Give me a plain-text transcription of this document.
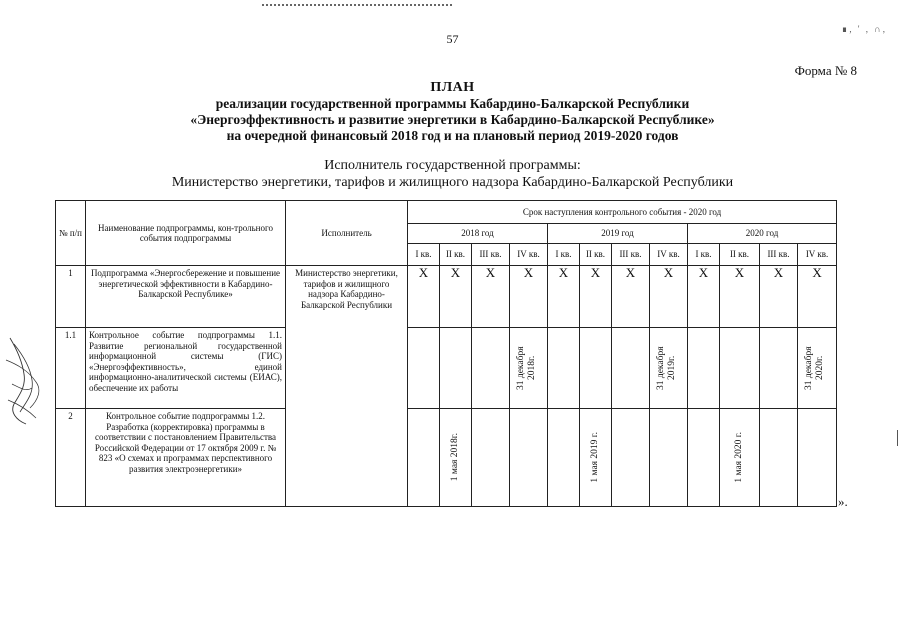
∎, ' , ∩,
57
Форма № 8
ПЛАН
реализации государственной программы Кабардино-Балкарской Республики
«Энергоэффективность и развитие энергетики в Кабардино-Балкарской Республике»
на очередной финансовый 2018 год и на плановый период 2019-2020 годов
Исполнитель государственной программы:
Министерство энергетики, тарифов и жилищного надзора Кабардино-Балкарской Республики
№ п/п	Наименование подпрограммы, кон-трольного события подпрограммы	Исполнитель	Срок наступления контрольного события - 2020 год											
			2018 год				2019 год				2020 год			
			I кв.	II кв.	III кв.	IV кв.	I кв.	II кв.	III кв.	IV кв.	I кв.	II кв.	III кв.	IV кв.
1	Подпрограмма «Энергосбережение и повышение энергетической эффективности в Кабардино-Балкарской Республике»	Министерство энергетики, тарифов и жилищного надзора Кабардино-Балкарской Республики	X	X	X	X	X	X	X	X	X	X	X	X
1.1	Контрольное событие подпрограммы 1.1. Развитие региональной государственной информационной системы (ГИС) «Энергоэффективность», единой информационно-аналитической системы (ЕИАС), обеспечение их работы					31 декабря 2018г.				31 декабря 2019г.				31 декабря 2020г.

2	Контрольное событие подпрограммы 1.2. Разработка (корректировка) программы в соответствии с постановлением Правительства Российской Федерации от 17 октября 2009 г. № 823 «О схемах и программах перспективного развития электроэнергетики»			1 мая 2018г.				1 мая 2019 г.				1 мая 2020 г.		

».
